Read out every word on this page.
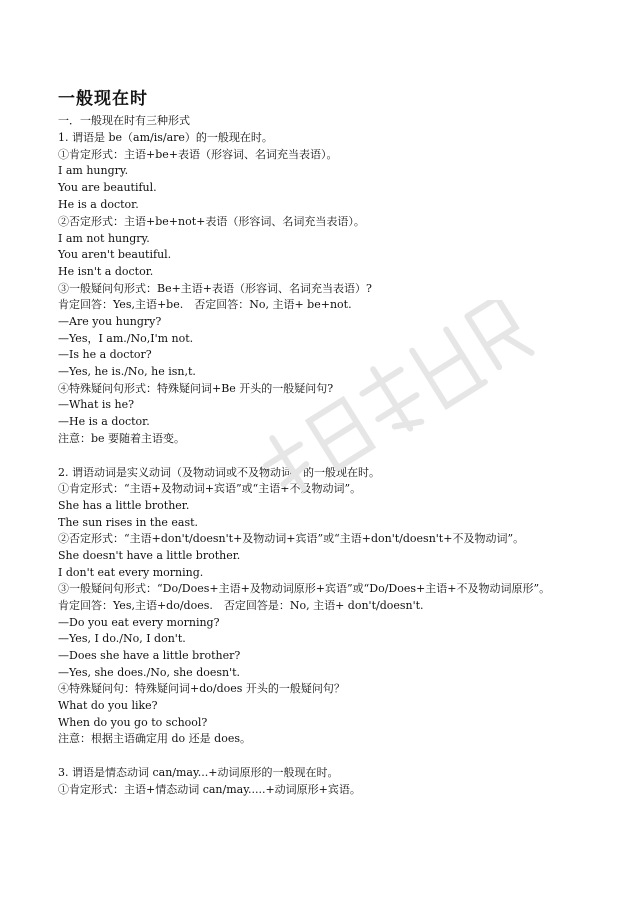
一般现在时
一．一般现在时有三种形式
1. 谓语是 be（am/is/are）的一般现在时。
①肯定形式：主语+be+表语（形容词、名词充当表语）。
I am hungry.
You are beautiful.
He is a doctor.
②否定形式：主语+be+not+表语（形容词、名词充当表语）。
I am not hungry.
You aren't beautiful.
He isn't a doctor.
③一般疑问句形式：Be+主语+表语（形容词、名词充当表语）?
肯定回答：Yes,主语+be.　否定回答：No, 主语+ be+not.
—Are you hungry?
—Yes，I am./No,I'm not.
—Is he a doctor?
—Yes, he is./No, he isn,t.
④特殊疑问句形式：特殊疑问词+Be 开头的一般疑问句?
—What is he?
—He is a doctor.
注意：be 要随着主语变。
2. 谓语动词是实义动词（及物动词或不及物动词）的一般现在时。
①肯定形式：“主语+及物动词+宾语”或“主语+不及物动词”。
She has a little brother.
The sun rises in the east.
②否定形式：“主语+don't/doesn't+及物动词+宾语”或“主语+don't/doesn't+不及物动词”。
She doesn't have a little brother.
I don't eat every morning.
③一般疑问句形式：“Do/Does+主语+及物动词原形+宾语”或“Do/Does+主语+不及物动词原形”。
肯定回答：Yes,主语+do/does.　否定回答是：No, 主语+ don't/doesn't.
—Do you eat every morning?
—Yes, I do./No, I don't.
—Does she have a little brother?
—Yes, she does./No, she doesn't.
④特殊疑问句：特殊疑问词+do/does 开头的一般疑问句？
What do you like?
When do you go to school?
注意：根据主语确定用 do 还是 does。
3. 谓语是情态动词 can/may...+动词原形的一般现在时。
①肯定形式：主语+情态动词 can/may.....+动词原形+宾语。
